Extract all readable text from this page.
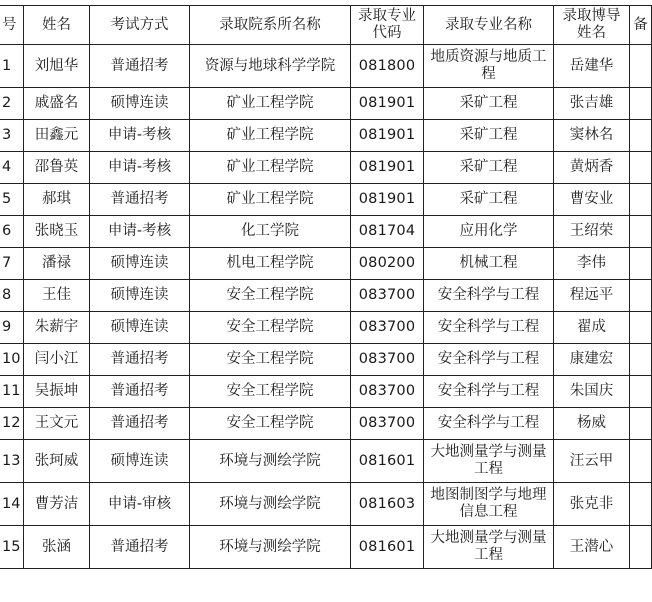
号	姓名	考试方式	录取院系所名称	录取专业代码	录取专业名称	录取博导姓名	备
1	刘旭华	普通招考	资源与地球科学学院	081800	地质资源与地质工程	岳建华	
2	戚盛名	硕博连读	矿业工程学院	081901	采矿工程	张吉雄	
3	田鑫元	申请-考核	矿业工程学院	081901	采矿工程	窦林名	
4	邵鲁英	申请-考核	矿业工程学院	081901	采矿工程	黄炳香	
5	郝琪	普通招考	矿业工程学院	081901	采矿工程	曹安业	
6	张晓玉	申请-考核	化工学院	081704	应用化学	王绍荣	
7	潘禄	硕博连读	机电工程学院	080200	机械工程	李伟	
8	王佳	硕博连读	安全工程学院	083700	安全科学与工程	程远平	
9	朱薪宇	硕博连读	安全工程学院	083700	安全科学与工程	翟成	
10	闫小江	普通招考	安全工程学院	083700	安全科学与工程	康建宏	
11	吴振坤	普通招考	安全工程学院	083700	安全科学与工程	朱国庆	
12	王文元	普通招考	安全工程学院	083700	安全科学与工程	杨威	
13	张珂威	硕博连读	环境与测绘学院	081601	大地测量学与测量工程	汪云甲	
14	曹芳洁	申请-审核	环境与测绘学院	081603	地图制图学与地理信息工程	张克非	
15	张涵	普通招考	环境与测绘学院	081601	大地测量学与测量工程	王潜心	
